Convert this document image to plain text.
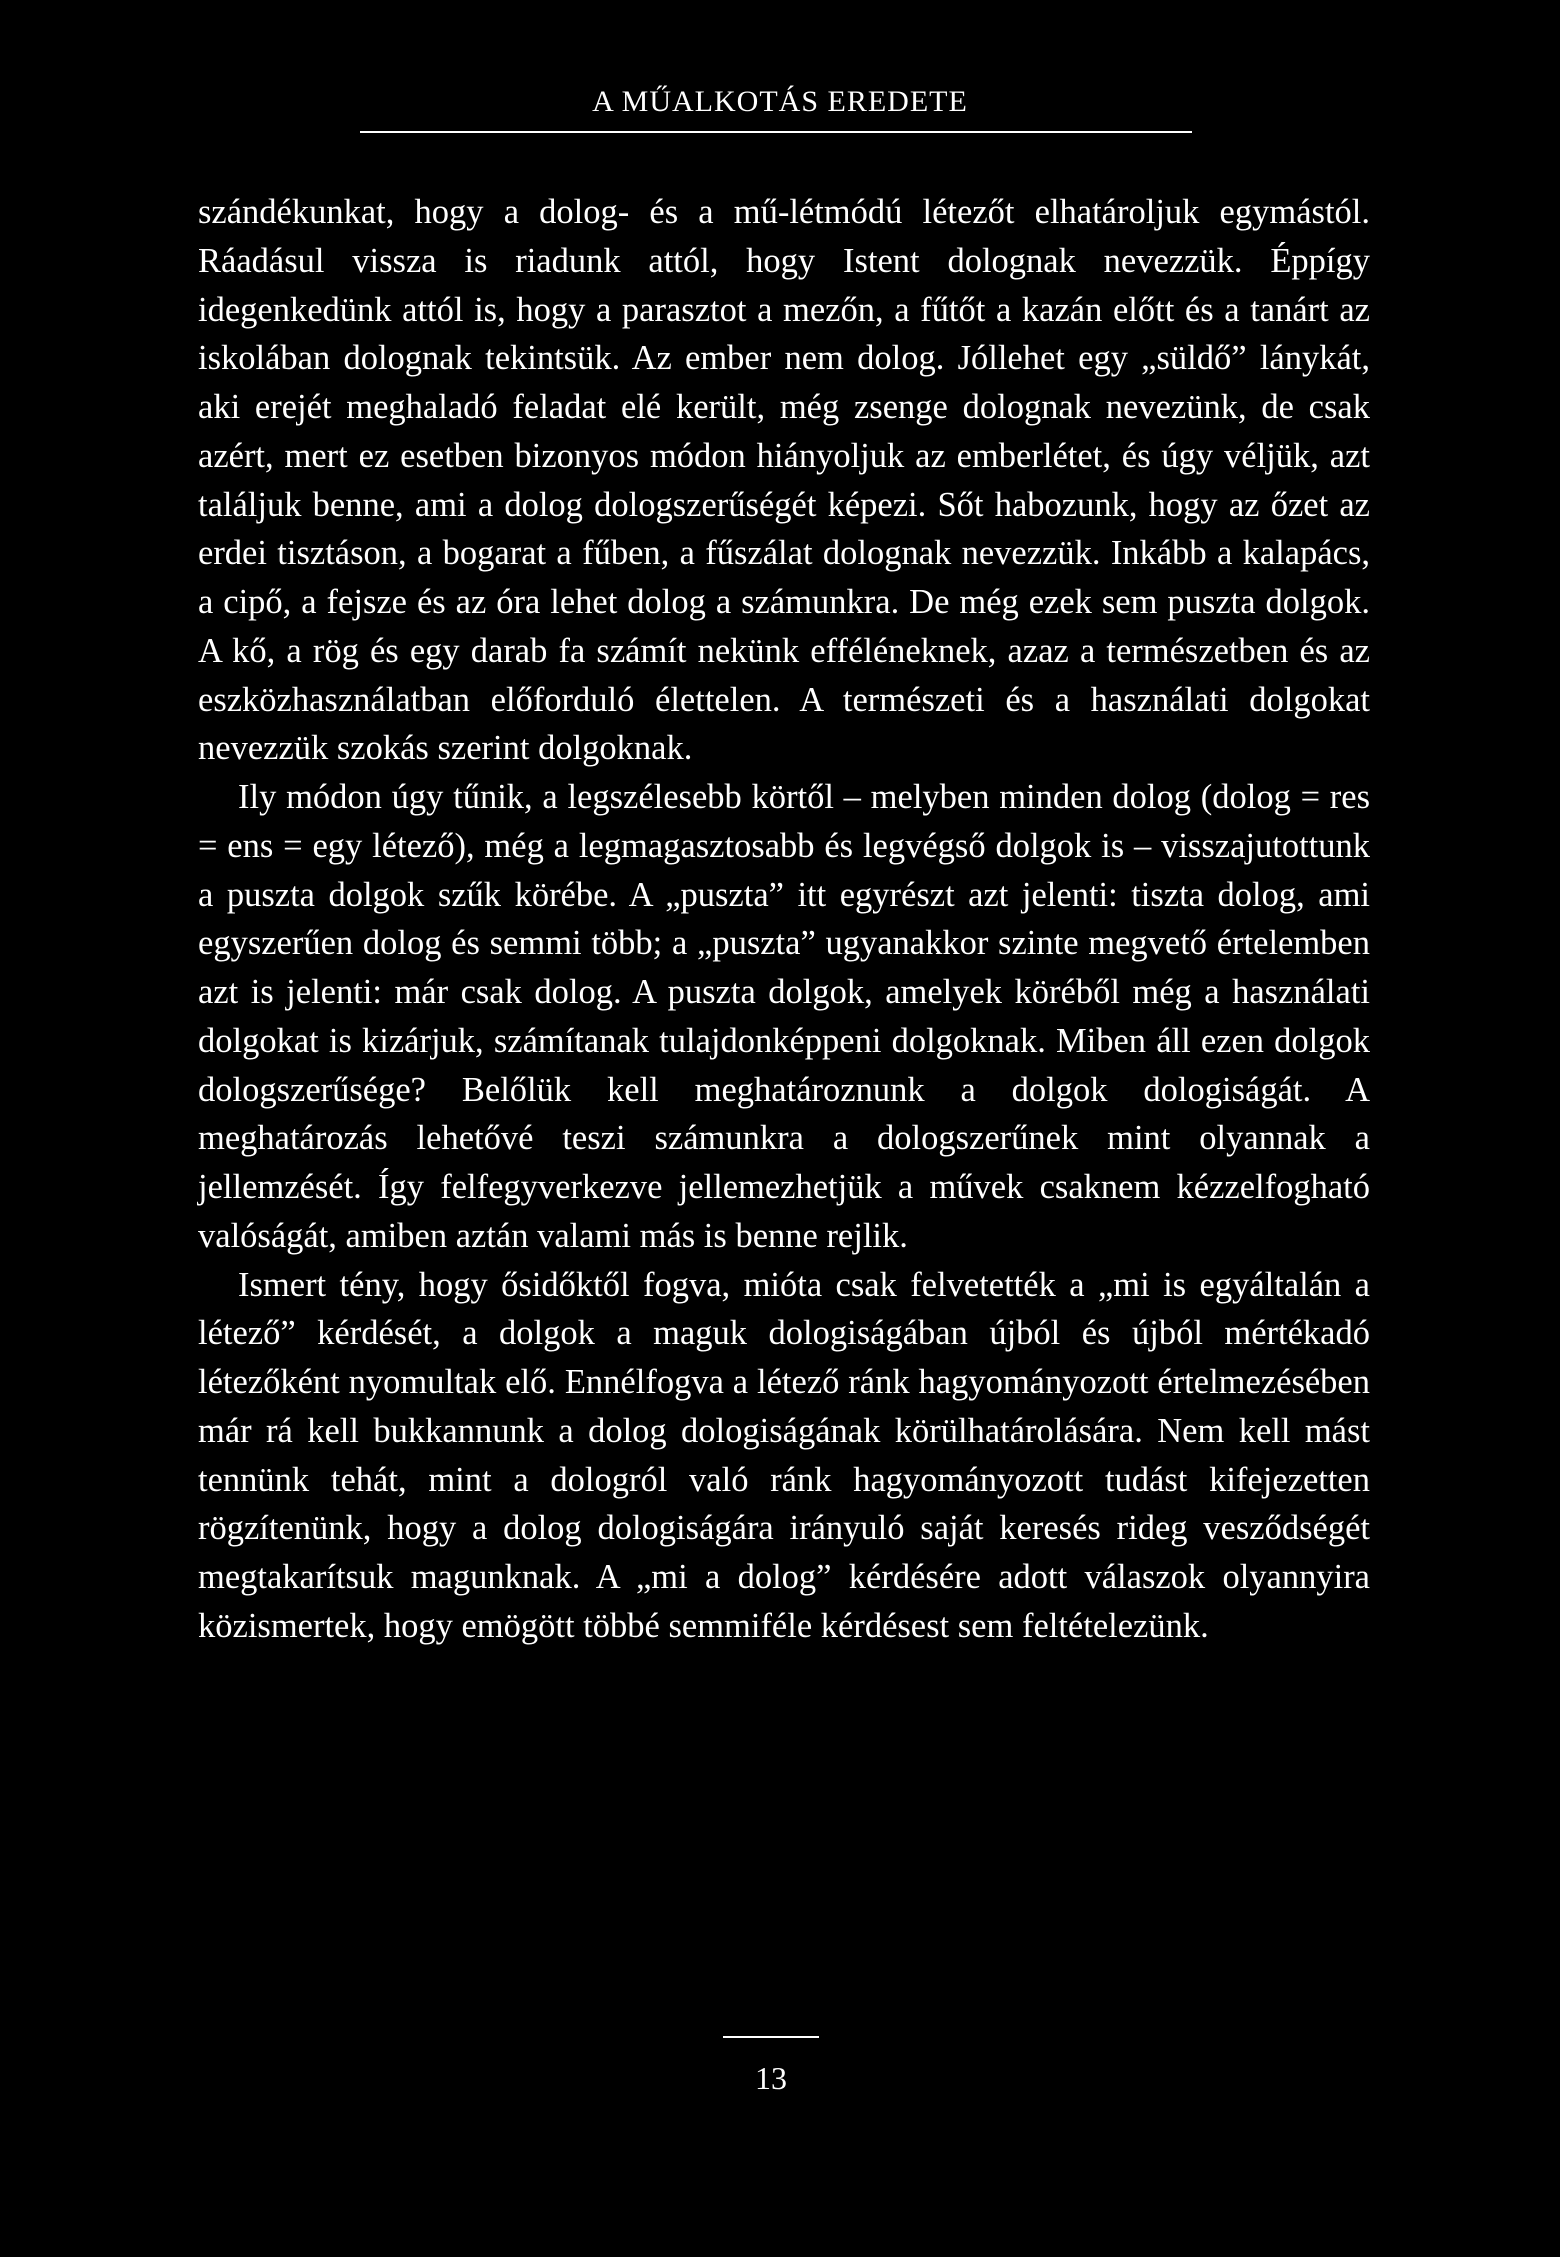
A MŰALKOTÁS EREDETE

szándékunkat, hogy a dolog- és a mű-létmódú létezőt elhatároljuk egymástól. Ráadásul vissza is riadunk attól, hogy Istent dolognak nevezzük. Éppígy idegenkedünk attól is, hogy a parasztot a mezőn, a fűtőt a kazán előtt és a tanárt az iskolában dolognak tekintsük. Az ember nem dolog. Jóllehet egy „süldő” lánykát, aki erejét meghaladó feladat elé került, még zsenge dolognak nevezünk, de csak azért, mert ez esetben bizonyos módon hiányoljuk az emberlétet, és úgy véljük, azt találjuk benne, ami a dolog dologszerűségét képezi. Sőt habozunk, hogy az őzet az erdei tisztáson, a bogarat a fűben, a fűszálat dolognak nevezzük. Inkább a kalapács, a cipő, a fejsze és az óra lehet dolog a számunkra. De még ezek sem puszta dolgok. A kő, a rög és egy darab fa számít nekünk efféléneknek, azaz a természetben és az eszközhasználatban előforduló élettelen. A természeti és a használati dolgokat nevezzük szokás szerint dolgoknak.

Ily módon úgy tűnik, a legszélesebb körtől – melyben minden dolog (dolog = res = ens = egy létező), még a legmagasztosabb és legvégső dolgok is – visszajutottunk a puszta dolgok szűk körébe. A „puszta” itt egyrészt azt jelenti: tiszta dolog, ami egyszerűen dolog és semmi több; a „puszta” ugyanakkor szinte megvető értelemben azt is jelenti: már csak dolog. A puszta dolgok, amelyek köréből még a használati dolgokat is kizárjuk, számítanak tulajdonképpeni dolgoknak. Miben áll ezen dolgok dologszerűsége? Belőlük kell meghatároznunk a dolgok dologiságát. A meghatározás lehetővé teszi számunkra a dologszerűnek mint olyannak a jellemzését. Így felfegyverkezve jellemezhetjük a művek csaknem kézzelfogható valóságát, amiben aztán valami más is benne rejlik.

Ismert tény, hogy ősidőktől fogva, mióta csak felvetették a „mi is egyáltalán a létező” kérdését, a dolgok a maguk dologiságában újból és újból mértékadó létezőként nyomultak elő. Ennélfogva a létező ránk hagyományozott értelmezésében már rá kell bukkannunk a dolog dologiságának körülhatárolására. Nem kell mást tennünk tehát, mint a dologról való ránk hagyományozott tudást kifejezetten rögzítenünk, hogy a dolog dologiságára irányuló saját keresés rideg vesződségét megtakarítsuk magunknak. A „mi a dolog” kérdésére adott válaszok olyannyira közismertek, hogy emögött többé semmiféle kérdésest sem feltételezünk.

13
